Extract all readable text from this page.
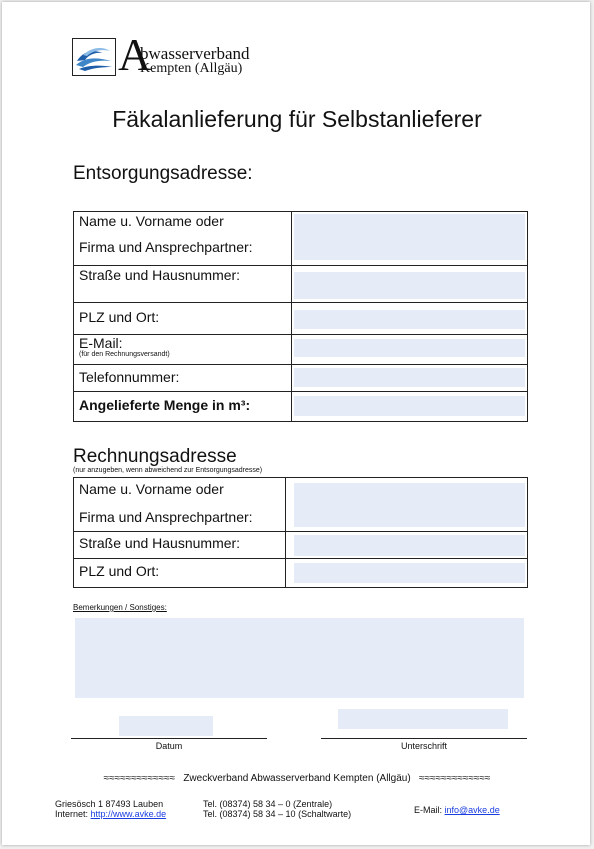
A
bwasserverband
Kempten (Allgäu)
Fäkalanlieferung für Selbstanlieferer
Entsorgungsadresse:
Name u. Vorname oder
Firma und Ansprechpartner:	

Straße und Hausnummer:	

PLZ und Ort:	

E-Mail:
(für den Rechnungsversandt)	

Telefonnummer:	

Angelieferte Menge in m³:	
Rechnungsadresse
(nur anzugeben, wenn abweichend zur Entsorgungsadresse)
Name u. Vorname oder
Firma und Ansprechpartner:	

Straße und Hausnummer:	

PLZ und Ort:	
Bemerkungen / Sonstiges:
Datum	Unterschrift
≈≈≈≈≈≈≈≈≈≈≈≈≈ Zweckverband Abwasserverband Kempten (Allgäu) ≈≈≈≈≈≈≈≈≈≈≈≈≈
Griesösch 1 87493 Lauben
Internet: http://www.avke.de
Tel. (08374) 58 34 – 0 (Zentrale)
Tel. (08374) 58 34 – 10 (Schaltwarte)	E-Mail: info@avke.de
